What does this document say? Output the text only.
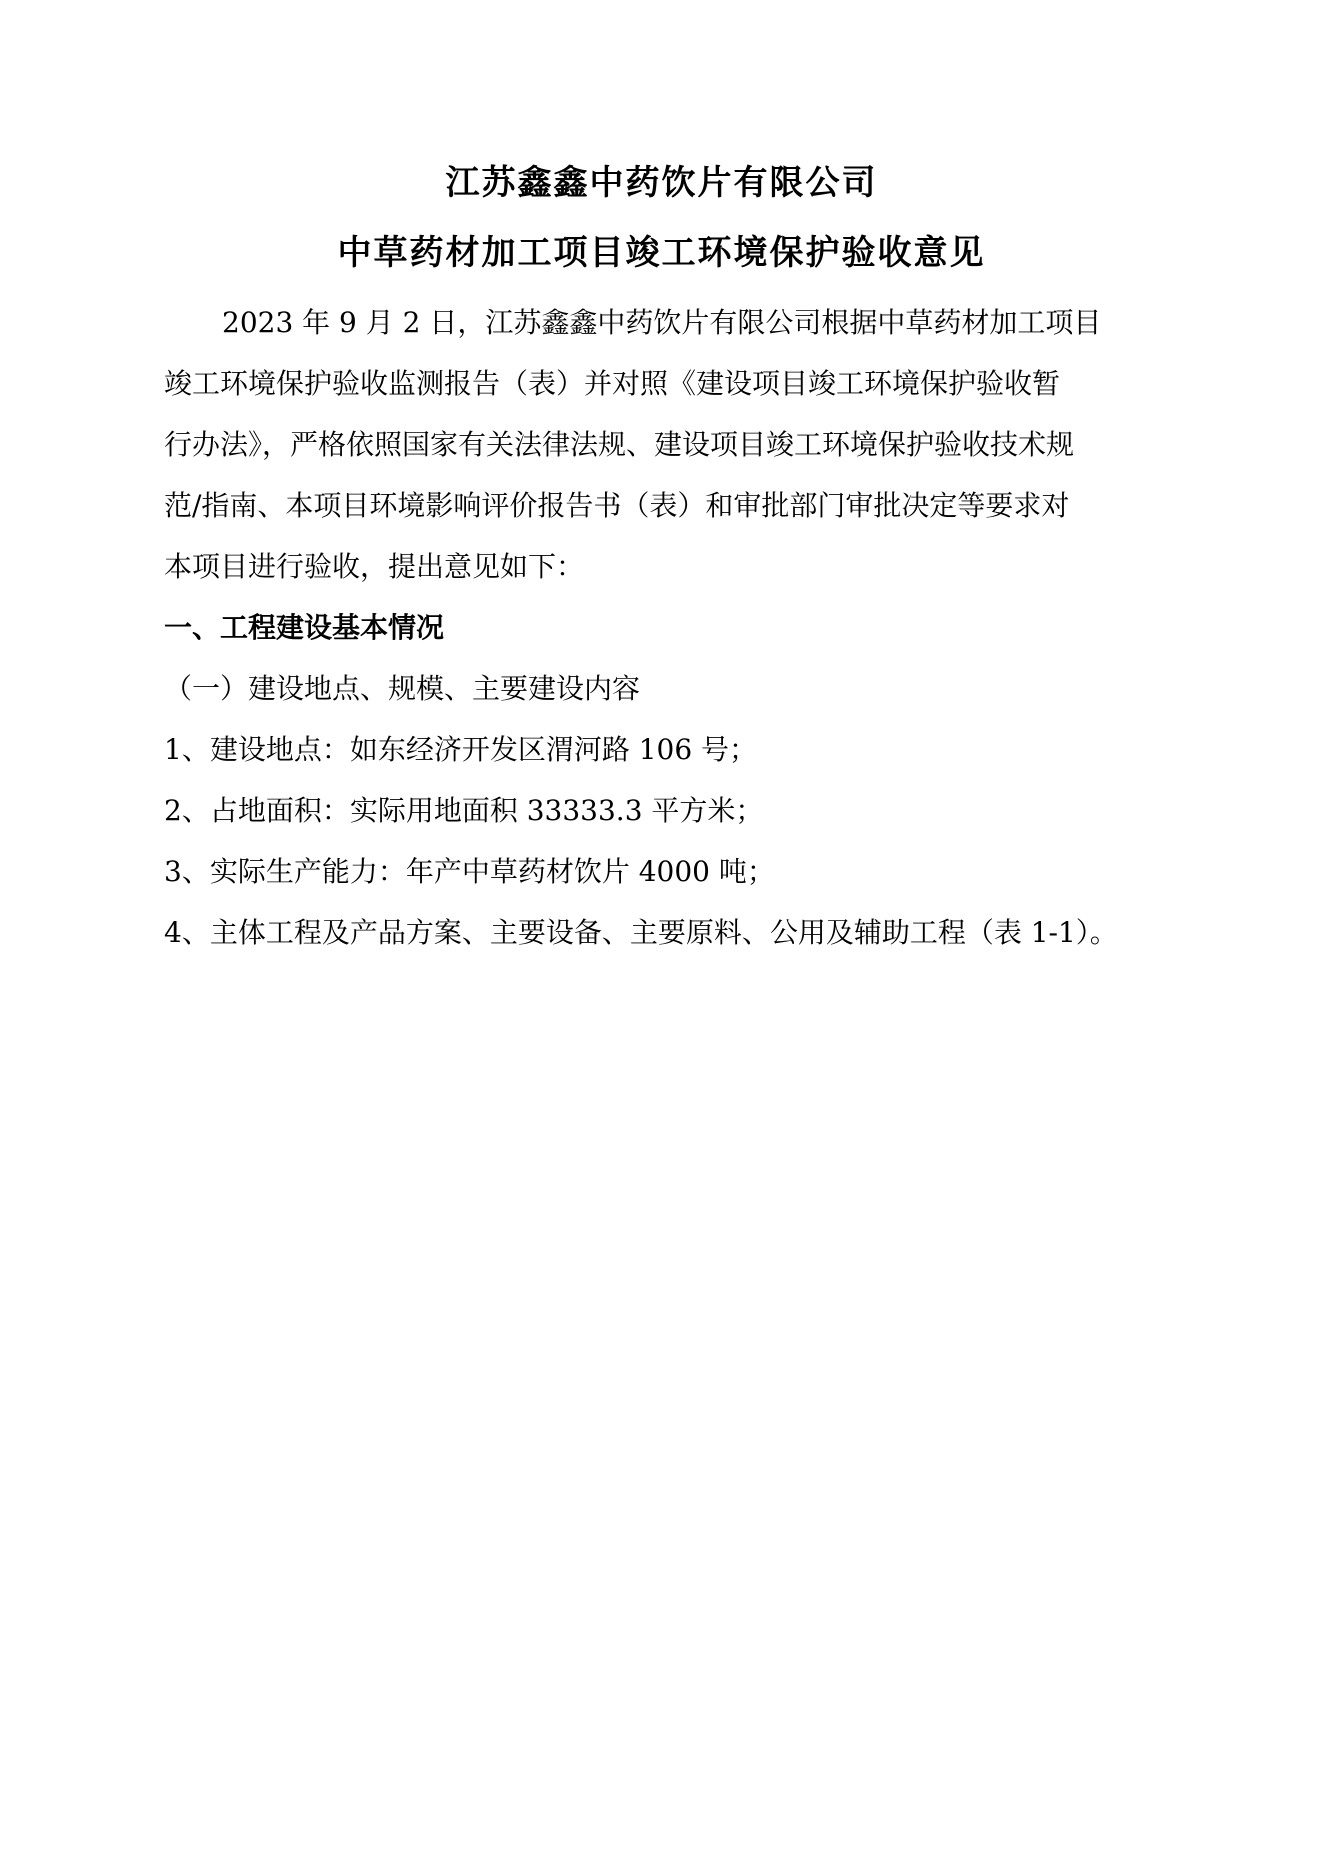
江苏鑫鑫中药饮片有限公司
中草药材加工项目竣工环境保护验收意见
2023 年 9 月 2 日，江苏鑫鑫中药饮片有限公司根据中草药材加工项目
竣工环境保护验收监测报告（表）并对照《建设项目竣工环境保护验收暂
行办法》，严格依照国家有关法律法规、建设项目竣工环境保护验收技术规
范/指南、本项目环境影响评价报告书（表）和审批部门审批决定等要求对
本项目进行验收，提出意见如下：
一、工程建设基本情况
（一）建设地点、规模、主要建设内容
1、建设地点：如东经济开发区渭河路 106 号；
2、占地面积：实际用地面积 33333.3 平方米；
3、实际生产能力：年产中草药材饮片 4000 吨；
4、主体工程及产品方案、主要设备、主要原料、公用及辅助工程（表 1-1）。
